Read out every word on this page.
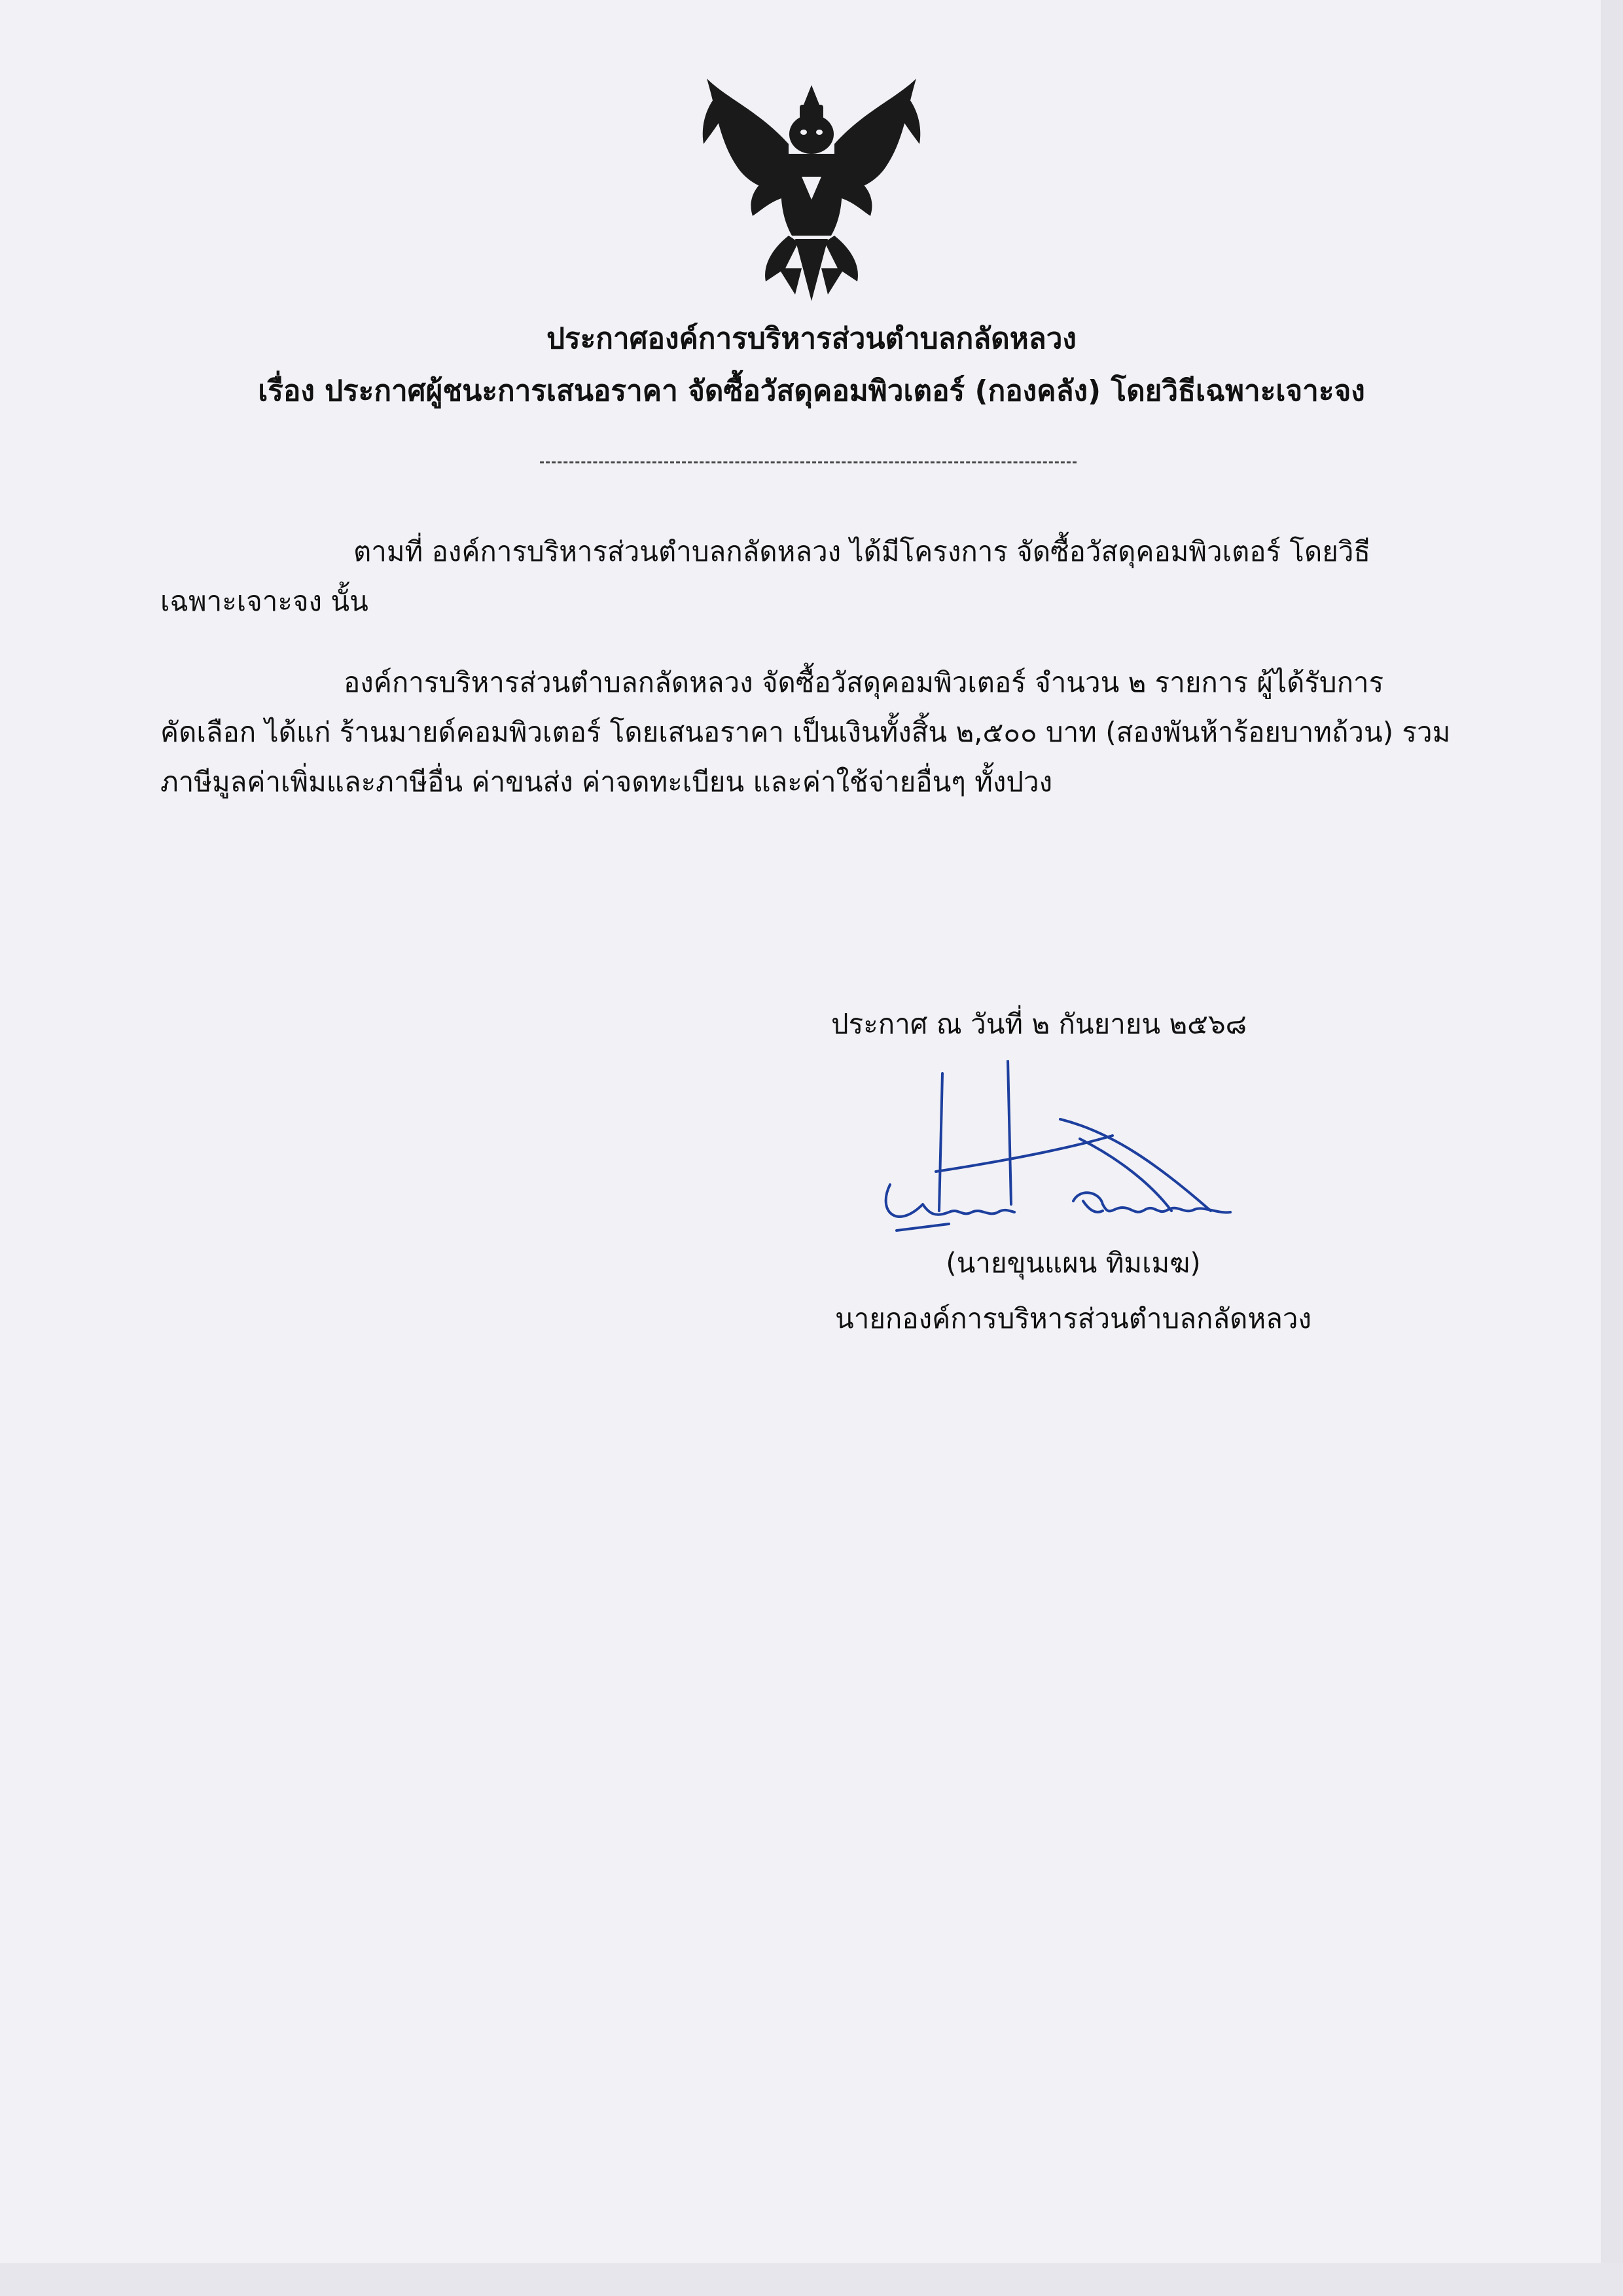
ประกาศองค์การบริหารส่วนตำบลกลัดหลวง
เรื่อง ประกาศผู้ชนะการเสนอราคา จัดซื้อวัสดุคอมพิวเตอร์ (กองคลัง) โดยวิธีเฉพาะเจาะจง
ตามที่ องค์การบริหารส่วนตำบลกลัดหลวง ได้มีโครงการ จัดซื้อวัสดุคอมพิวเตอร์ โดยวิธี
เฉพาะเจาะจง นั้น
องค์การบริหารส่วนตำบลกลัดหลวง จัดซื้อวัสดุคอมพิวเตอร์ จำนวน ๒ รายการ ผู้ได้รับการ
คัดเลือก ได้แก่ ร้านมายด์คอมพิวเตอร์ โดยเสนอราคา เป็นเงินทั้งสิ้น ๒,๕๐๐ บาท (สองพันห้าร้อยบาทถ้วน) รวม
ภาษีมูลค่าเพิ่มและภาษีอื่น ค่าขนส่ง ค่าจดทะเบียน และค่าใช้จ่ายอื่นๆ ทั้งปวง
ประกาศ ณ วันที่ ๒ กันยายน ๒๕๖๘
(นายขุนแผน ทิมเมฆ)
นายกองค์การบริหารส่วนตำบลกลัดหลวง
